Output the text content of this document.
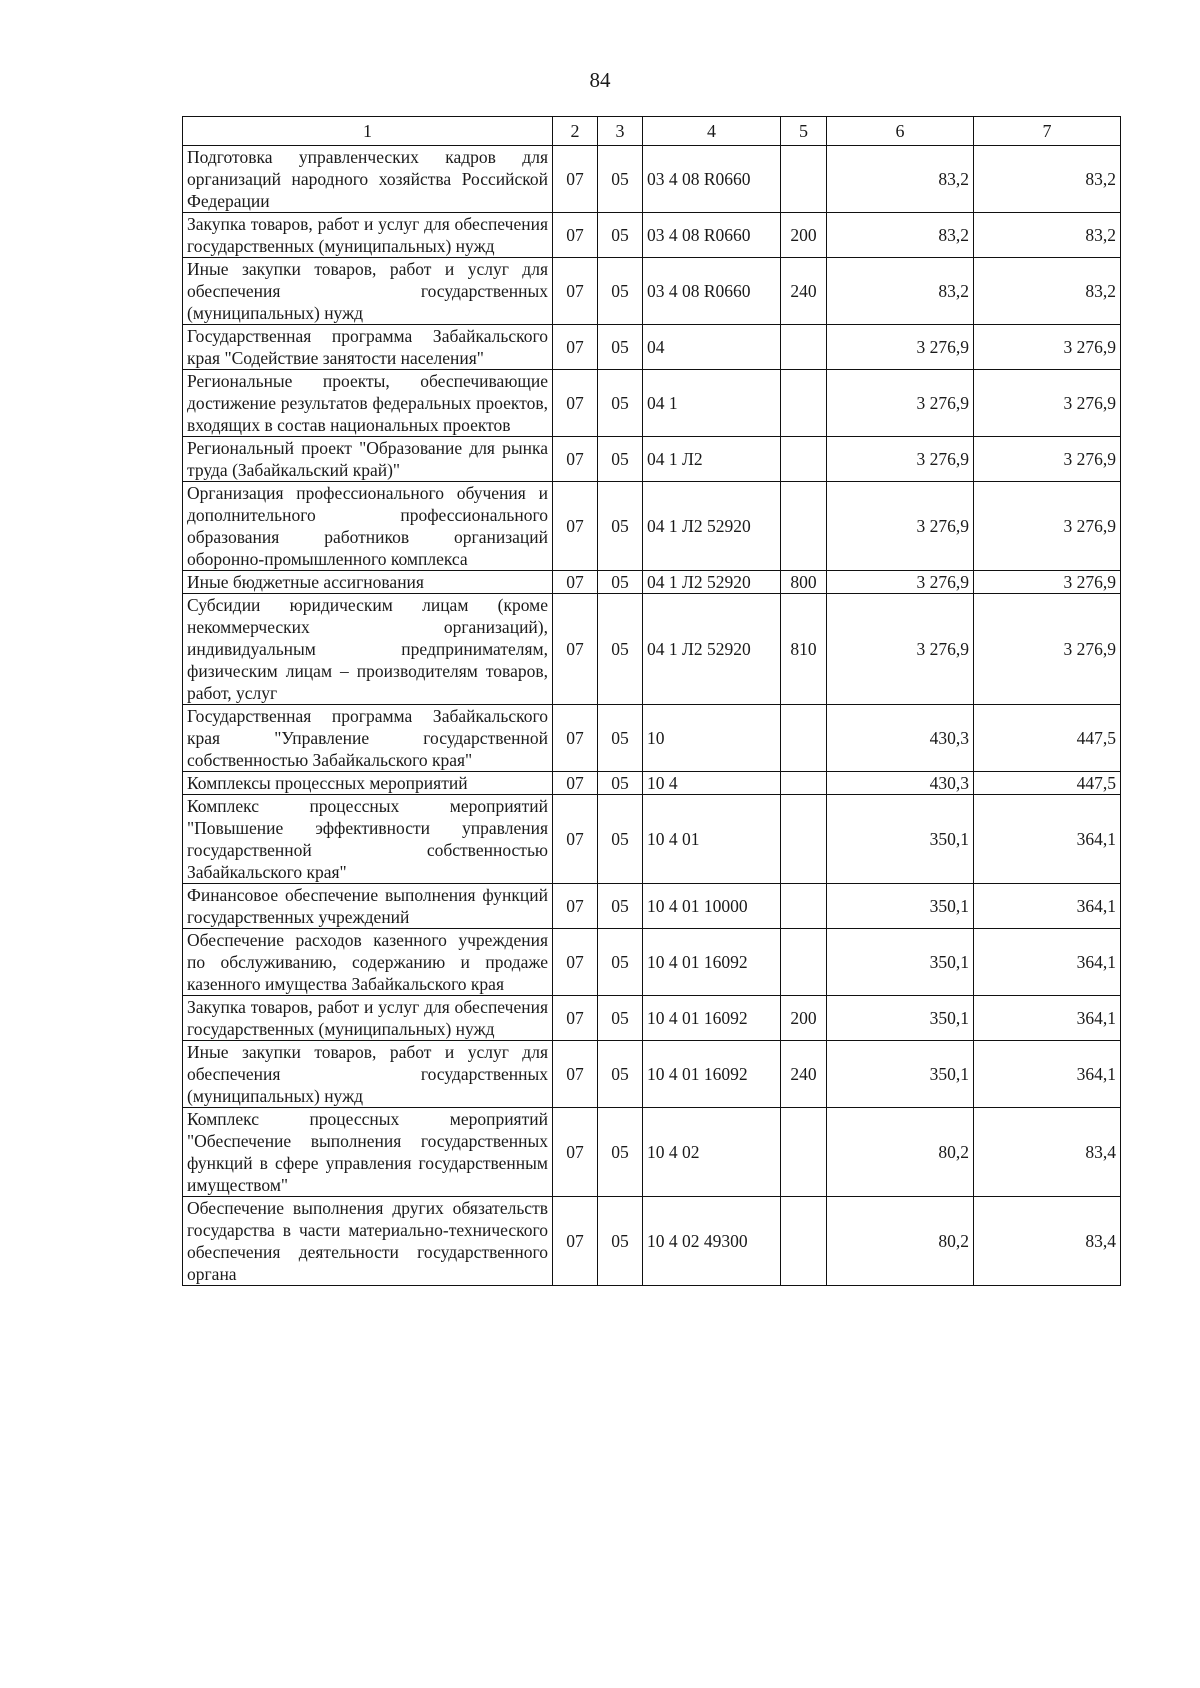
84
1	2	3	4	5	6	7
Подготовка управленческих кадров для организаций народного хозяйства Российской Федерации	07	05	03 4 08 R0660		83,2	83,2
Закупка товаров, работ и услуг для обеспечения государственных (муниципальных) нужд	07	05	03 4 08 R0660	200	83,2	83,2
Иные закупки товаров, работ и услуг для обеспечения государственных (муниципальных) нужд	07	05	03 4 08 R0660	240	83,2	83,2
Государственная программа Забайкальского края "Содействие занятости населения"	07	05	04		3 276,9	3 276,9
Региональные проекты, обеспечивающие достижение результатов федеральных проектов, входящих в состав национальных проектов	07	05	04 1		3 276,9	3 276,9
Региональный проект "Образование для рынка труда (Забайкальский край)"	07	05	04 1 Л2		3 276,9	3 276,9
Организация профессионального обучения и дополнительного профессионального образования работников организаций оборонно-промышленного комплекса	07	05	04 1 Л2 52920		3 276,9	3 276,9
Иные бюджетные ассигнования	07	05	04 1 Л2 52920	800	3 276,9	3 276,9
Субсидии юридическим лицам (кроме некоммерческих организаций), индивидуальным предпринимателям, физическим лицам – производителям товаров, работ, услуг	07	05	04 1 Л2 52920	810	3 276,9	3 276,9
Государственная программа Забайкальского края "Управление государственной собственностью Забайкальского края"	07	05	10		430,3	447,5
Комплексы процессных мероприятий	07	05	10 4		430,3	447,5
Комплекс процессных мероприятий "Повышение эффективности управления государственной собственностью Забайкальского края"	07	05	10 4 01		350,1	364,1
Финансовое обеспечение выполнения функций государственных учреждений	07	05	10 4 01 10000		350,1	364,1
Обеспечение расходов казенного учреждения по обслуживанию, содержанию и продаже казенного имущества Забайкальского края	07	05	10 4 01 16092		350,1	364,1
Закупка товаров, работ и услуг для обеспечения государственных (муниципальных) нужд	07	05	10 4 01 16092	200	350,1	364,1
Иные закупки товаров, работ и услуг для обеспечения государственных (муниципальных) нужд	07	05	10 4 01 16092	240	350,1	364,1
Комплекс процессных мероприятий "Обеспечение выполнения государственных функций в сфере управления государственным имуществом"	07	05	10 4 02		80,2	83,4
Обеспечение выполнения других обязательств государства в части материально-технического обеспечения деятельности государственного органа	07	05	10 4 02 49300		80,2	83,4
